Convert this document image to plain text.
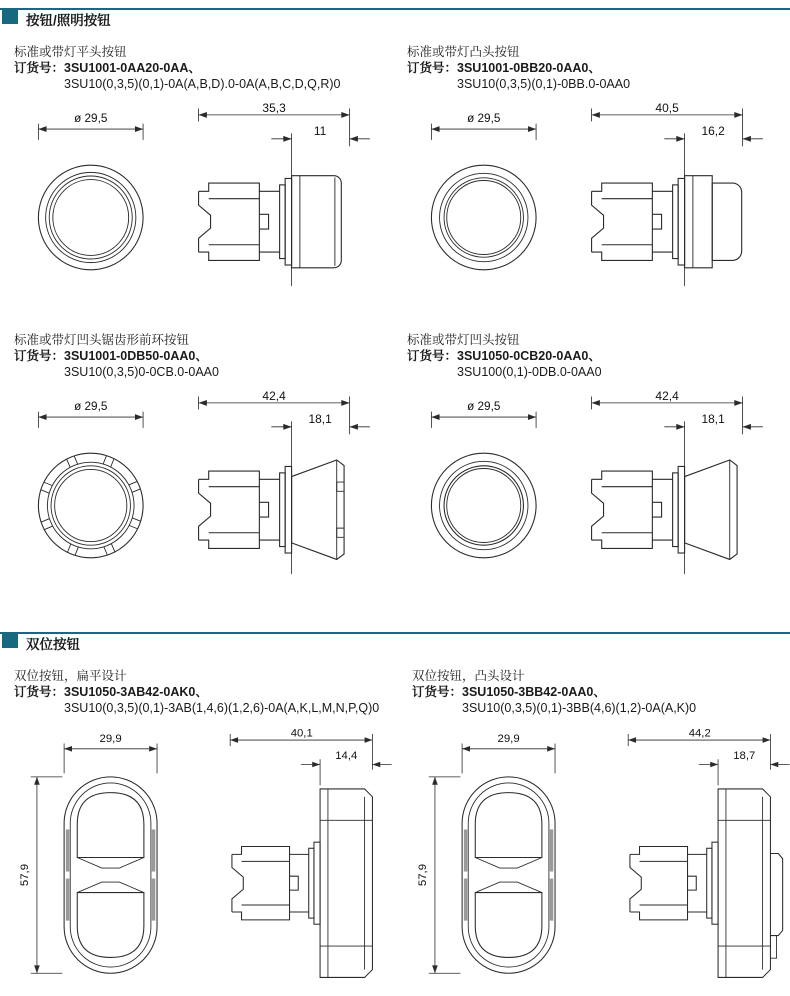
按钮/照明按钮
标准或带灯平头按钮
订货号： 3SU1001-0AA20-0AA、
3SU10(0,3,5)(0,1)-0A(A,B,D).0-0A(A,B,C,D,Q,R)0
ø 29,5
35,3
11
标准或带灯凸头按钮
订货号： 3SU1001-0BB20-0AA0、
3SU10(0,3,5)(0,1)-0BB.0-0AA0
ø 29,5
40,5
16,2
标准或带灯凹头锯齿形前环按钮
订货号： 3SU1001-0DB50-0AA0、
3SU10(0,3,5)0-0CB.0-0AA0
ø 29,5
42,4
18,1
标准或带灯凹头按钮
订货号： 3SU1050-0CB20-0AA0、
3SU100(0,1)-0DB.0-0AA0
ø 29,5
42,4
18,1
双位按钮
双位按钮，扁平设计
订货号： 3SU1050-3AB42-0AK0、
3SU10(0,3,5)(0,1)-3AB(1,4,6)(1,2,6)-0A(A,K,L,M,N,P,Q)0
29,9
57,9
40,1
14,4
双位按钮，凸头设计
订货号： 3SU1050-3BB42-0AA0、
3SU10(0,3,5)(0,1)-3BB(4,6)(1,2)-0A(A,K)0
29,9
57,9
44,2
18,7
